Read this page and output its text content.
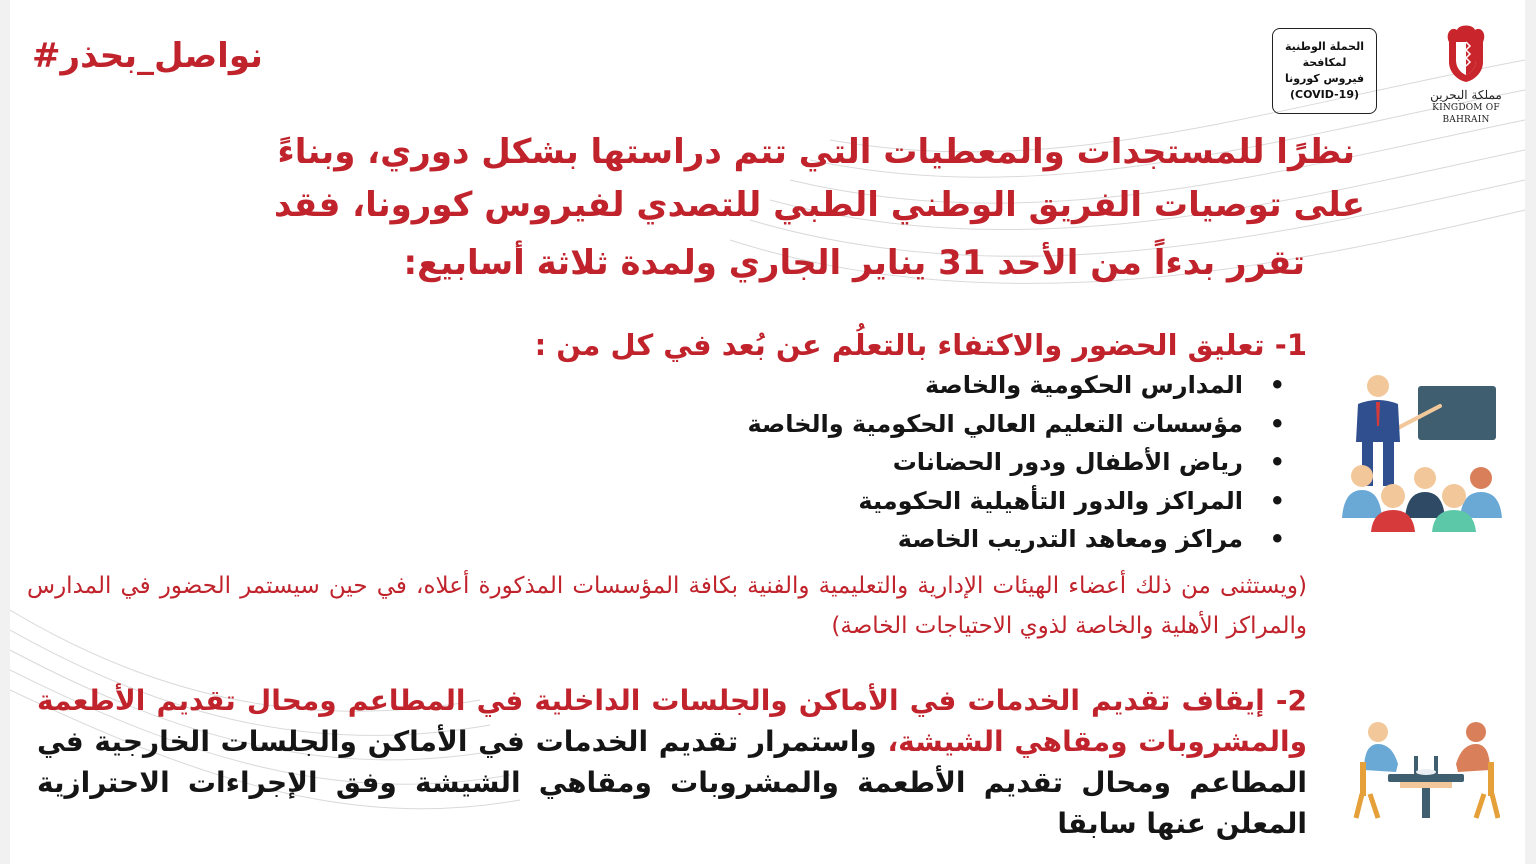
#نواصل_بحذر	الحملة الوطنية
لمكافحة
فيروس كورونا
(COVID-19)	مملكة البحرين
KINGDOM OF BAHRAIN
نظرًا للمستجدات والمعطيات التي تتم دراستها بشكل دوري، وبناءً
على توصيات الفريق الوطني الطبي للتصدي لفيروس كورونا، فقد
تقرر بدءاً من الأحد 31 يناير الجاري ولمدة ثلاثة أسابيع:
1- تعليق الحضور والاكتفاء بالتعلُم عن بُعد في كل من :
•
المدارس الحكومية والخاصة
•
مؤسسات التعليم العالي الحكومية والخاصة
•
رياض الأطفال ودور الحضانات
•
المراكز والدور التأهيلية الحكومية
•
مراكز ومعاهد التدريب الخاصة
(ويستثنى من ذلك أعضاء الهيئات الإدارية والتعليمية والفنية بكافة المؤسسات المذكورة أعلاه، في حين سيستمر الحضور في المدارس والمراكز الأهلية والخاصة لذوي الاحتياجات الخاصة)
2- إيقاف تقديم الخدمات في الأماكن والجلسات الداخلية في المطاعم ومحال تقديم الأطعمة والمشروبات ومقاهي الشيشة، واستمرار تقديم الخدمات في الأماكن والجلسات الخارجية في المطاعم ومحال تقديم الأطعمة والمشروبات ومقاهي الشيشة وفق الإجراءات الاحترازية المعلن عنها سابقا
